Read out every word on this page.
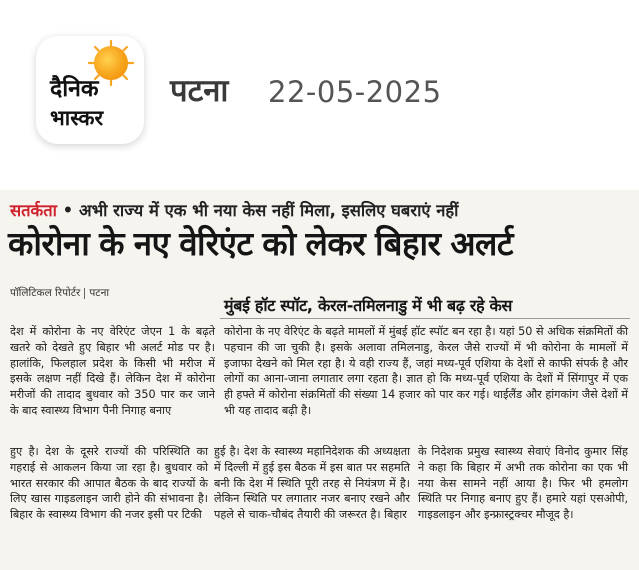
दैनिक
भास्कर
पटना 22-05-2025
सतर्कता • अभी राज्य में एक भी नया केस नहीं मिला, इसलिए घबराएं नहीं
कोरोना के नए वेरिएंट को लेकर बिहार अलर्ट
पॉलिटिकल रिपोर्टर पटना
मुंबई हॉट स्पॉट, केरल-तमिलनाडु में भी बढ़ रहे केस
देश में कोरोना के नए वेरिएंट जेएन 1 के बढ़ते खतरे को देखते हुए बिहार भी अलर्ट मोड पर है। हालांकि, फिलहाल प्रदेश के किसी भी मरीज में इसके लक्षण नहीं दिखे हैं। लेकिन देश में कोरोना मरीजों की तादाद बुधवार को 350 पार कर जाने के बाद स्वास्थ्य विभाग पैनी निगाह बनाए
कोरोना के नए वेरिएंट के बढ़ते मामलों में मुंबई हॉट स्पॉट बन रहा है। यहां 50 से अधिक संक्रमितों की पहचान की जा चुकी है। इसके अलावा तमिलनाडु, केरल जैसे राज्यों में भी कोरोना के मामलों में इजाफा देखने को मिल रहा है। ये वही राज्य हैं, जहां मध्य-पूर्व एशिया के देशों से काफी संपर्क है और लोगों का आना-जाना लगातार लगा रहता है। ज्ञात हो कि मध्य-पूर्व एशिया के देशों में सिंगापुर में एक ही हफ्ते में कोरोना संक्रमितों की संख्या 14 हजार को पार कर गई। थाईलैंड और हांगकांग जैसे देशों में भी यह तादाद बढ़ी है।
हुए है। देश के दूसरे राज्यों की परिस्थिति का गहराई से आकलन किया जा रहा है। बुधवार को भारत सरकार की आपात बैठक के बाद राज्यों के लिए खास गाइडलाइन जारी होने की संभावना है। बिहार के स्वास्थ्य विभाग की नजर इसी पर टिकी
हुई है। देश के स्वास्थ्य महानिदेशक की अध्यक्षता में दिल्ली में हुई इस बैठक में इस बात पर सहमति बनी कि देश में स्थिति पूरी तरह से नियंत्रण में है। लेकिन स्थिति पर लगातार नजर बनाए रखने और पहले से चाक-चौबंद तैयारी की जरूरत है। बिहार
के निदेशक प्रमुख स्वास्थ्य सेवाएं विनोद कुमार सिंह ने कहा कि बिहार में अभी तक कोरोना का एक भी नया केस सामने नहीं आया है। फिर भी हमलोग स्थिति पर निगाह बनाए हुए हैं। हमारे यहां एसओपी, गाइडलाइन और इन्फ्रास्ट्रक्चर मौजूद है।
